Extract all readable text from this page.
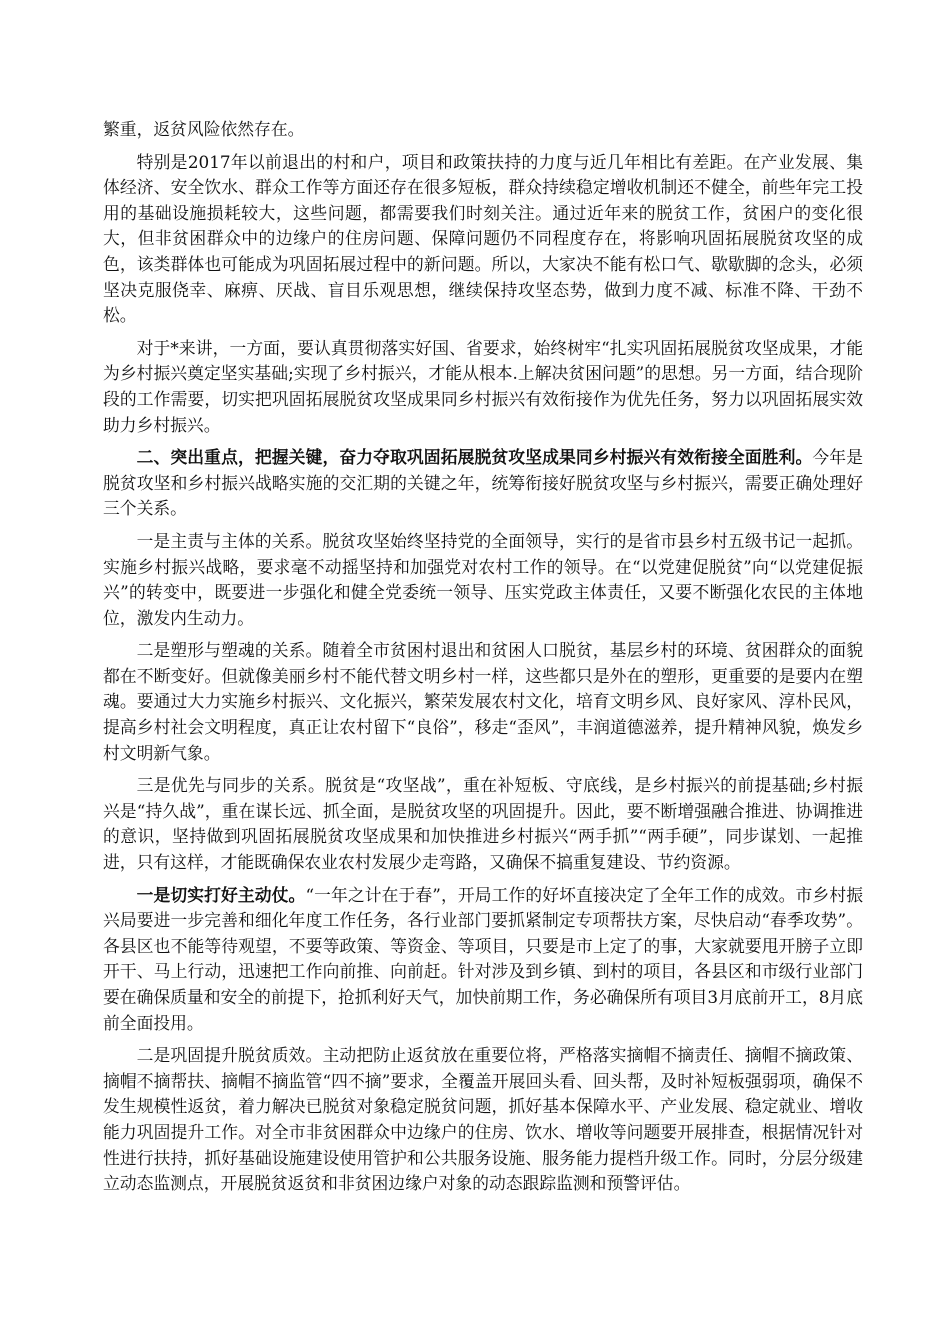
繁重，返贫风险依然存在。

特别是2017年以前退出的村和户，项目和政策扶持的力度与近几年相比有差距。在产业发展、集体经济、安全饮水、群众工作等方面还存在很多短板，群众持续稳定增收机制还不健全，前些年完工投用的基础设施损耗较大，这些问题，都需要我们时刻关注。通过近年来的脱贫工作，贫困户的变化很大，但非贫困群众中的边缘户的住房问题、保障问题仍不同程度存在，将影响巩固拓展脱贫攻坚的成色，该类群体也可能成为巩固拓展过程中的新问题。所以，大家决不能有松口气、歇歇脚的念头，必须坚决克服侥幸、麻痹、厌战、盲目乐观思想，继续保持攻坚态势，做到力度不减、标准不降、干劲不松。

对于*来讲，一方面，要认真贯彻落实好国、省要求，始终树牢“扎实巩固拓展脱贫攻坚成果，才能为乡村振兴奠定坚实基础;实现了乡村振兴，才能从根本.上解决贫困问题”的思想。另一方面，结合现阶段的工作需要，切实把巩固拓展脱贫攻坚成果同乡村振兴有效衔接作为优先任务，努力以巩固拓展实效助力乡村振兴。

二、突出重点，把握关键，奋力夺取巩固拓展脱贫攻坚成果同乡村振兴有效衔接全面胜利。今年是脱贫攻坚和乡村振兴战略实施的交汇期的关键之年，统筹衔接好脱贫攻坚与乡村振兴，需要正确处理好三个关系。

一是主责与主体的关系。脱贫攻坚始终坚持党的全面领导，实行的是省市县乡村五级书记一起抓。实施乡村振兴战略，要求毫不动摇坚持和加强党对农村工作的领导。在“以党建促脱贫”向“以党建促振兴”的转变中，既要进一步强化和健全党委统一领导、压实党政主体责任，又要不断强化农民的主体地位，激发内生动力。

二是塑形与塑魂的关系。随着全市贫困村退出和贫困人口脱贫，基层乡村的环境、贫困群众的面貌都在不断变好。但就像美丽乡村不能代替文明乡村一样，这些都只是外在的塑形，更重要的是要内在塑魂。要通过大力实施乡村振兴、文化振兴，繁荣发展农村文化，培育文明乡风、良好家风、淳朴民风，提高乡村社会文明程度，真正让农村留下“良俗”，移走“歪风”，丰润道德滋养，提升精神风貌，焕发乡村文明新气象。

三是优先与同步的关系。脱贫是“攻坚战”，重在补短板、守底线，是乡村振兴的前提基础;乡村振兴是“持久战”，重在谋长远、抓全面，是脱贫攻坚的巩固提升。因此，要不断增强融合推进、协调推进的意识，坚持做到巩固拓展脱贫攻坚成果和加快推进乡村振兴“两手抓”“两手硬”，同步谋划、一起推进，只有这样，才能既确保农业农村发展少走弯路，又确保不搞重复建设、节约资源。

一是切实打好主动仗。“一年之计在于春”，开局工作的好坏直接决定了全年工作的成效。市乡村振兴局要进一步完善和细化年度工作任务，各行业部门要抓紧制定专项帮扶方案，尽快启动“春季攻势”。各县区也不能等待观望，不要等政策、等资金、等项目，只要是市上定了的事，大家就要甩开膀子立即开干、马上行动，迅速把工作向前推、向前赶。针对涉及到乡镇、到村的项目，各县区和市级行业部门要在确保质量和安全的前提下，抢抓利好天气，加快前期工作，务必确保所有项目3月底前开工，8月底前全面投用。

二是巩固提升脱贫质效。主动把防止返贫放在重要位将，严格落实摘帽不摘责任、摘帽不摘政策、摘帽不摘帮扶、摘帽不摘监管“四不摘”要求，全覆盖开展回头看、回头帮，及时补短板强弱项，确保不发生规模性返贫，着力解决已脱贫对象稳定脱贫问题，抓好基本保障水平、产业发展、稳定就业、增收能力巩固提升工作。对全市非贫困群众中边缘户的住房、饮水、增收等问题要开展排查，根据情况针对性进行扶持，抓好基础设施建设使用管护和公共服务设施、服务能力提档升级工作。同时，分层分级建立动态监测点，开展脱贫返贫和非贫困边缘户对象的动态跟踪监测和预警评估。
